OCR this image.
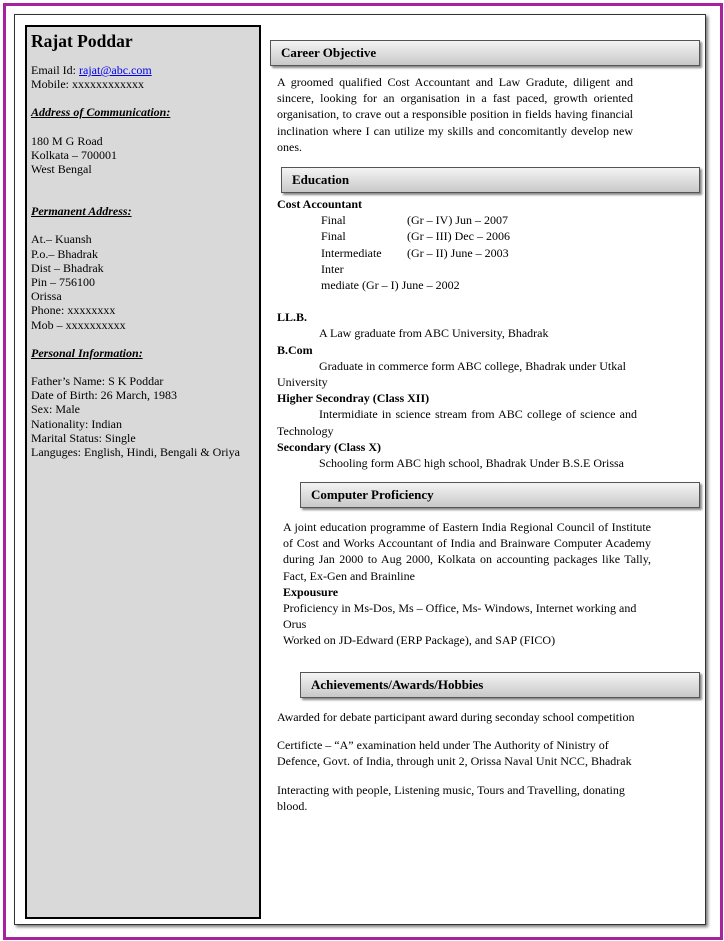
Rajat Poddar
Email Id: rajat@abc.com
Mobile: xxxxxxxxxxxx
Address of Communication:
180 M G Road
Kolkata – 700001
West Bengal
Permanent Address:
At.– Kuansh
P.o.– Bhadrak
Dist – Bhadrak
Pin – 756100
Orissa
Phone: xxxxxxxx
Mob – xxxxxxxxxx
Personal Information:
Father’s Name: S K Poddar
Date of Birth: 26 March, 1983
Sex: Male
Nationality: Indian
Marital Status: Single
Languges: English, Hindi, Bengali & Oriya
Career Objective
A groomed qualified Cost Accountant and Law Gradute, diligent and sincere, looking for an organisation in a fast paced, growth oriented organisation, to crave out a responsible position in fields having financial inclination where I can utilize my skills and concomitantly develop new ones.
Education
Cost Accountant
Final	(Gr – IV) Jun – 2007
Final	(Gr – III) Dec – 2006
Intermediate (Gr – II) June – 2003
Inter
mediate (Gr – I) June – 2002
LL.B.
A Law graduate from ABC University, Bhadrak
B.Com
Graduate in commerce form ABC college, Bhadrak under Utkal University
Higher Secondray (Class XII)
Intermidiate in science stream from ABC college of science and Technology
Secondary (Class X)
Schooling form ABC high school, Bhadrak Under B.S.E Orissa
Computer Proficiency
A joint education programme of Eastern India Regional Council of Institute of Cost and Works Accountant of India and Brainware Computer Academy during Jan 2000 to Aug 2000, Kolkata on accounting packages like Tally, Fact, Ex-Gen and Brainline
Expousure
Proficiency in Ms-Dos, Ms – Office, Ms- Windows, Internet working and Orus
Worked on JD-Edward (ERP Package), and SAP (FICO)
Achievements/Awards/Hobbies
Awarded for debate participant award during seconday school competition
Certificte – “A” examination held under The Authority of Ninistry of Defence, Govt. of India, through unit 2, Orissa Naval Unit NCC, Bhadrak
Interacting with people, Listening music, Tours and Travelling, donating blood.
